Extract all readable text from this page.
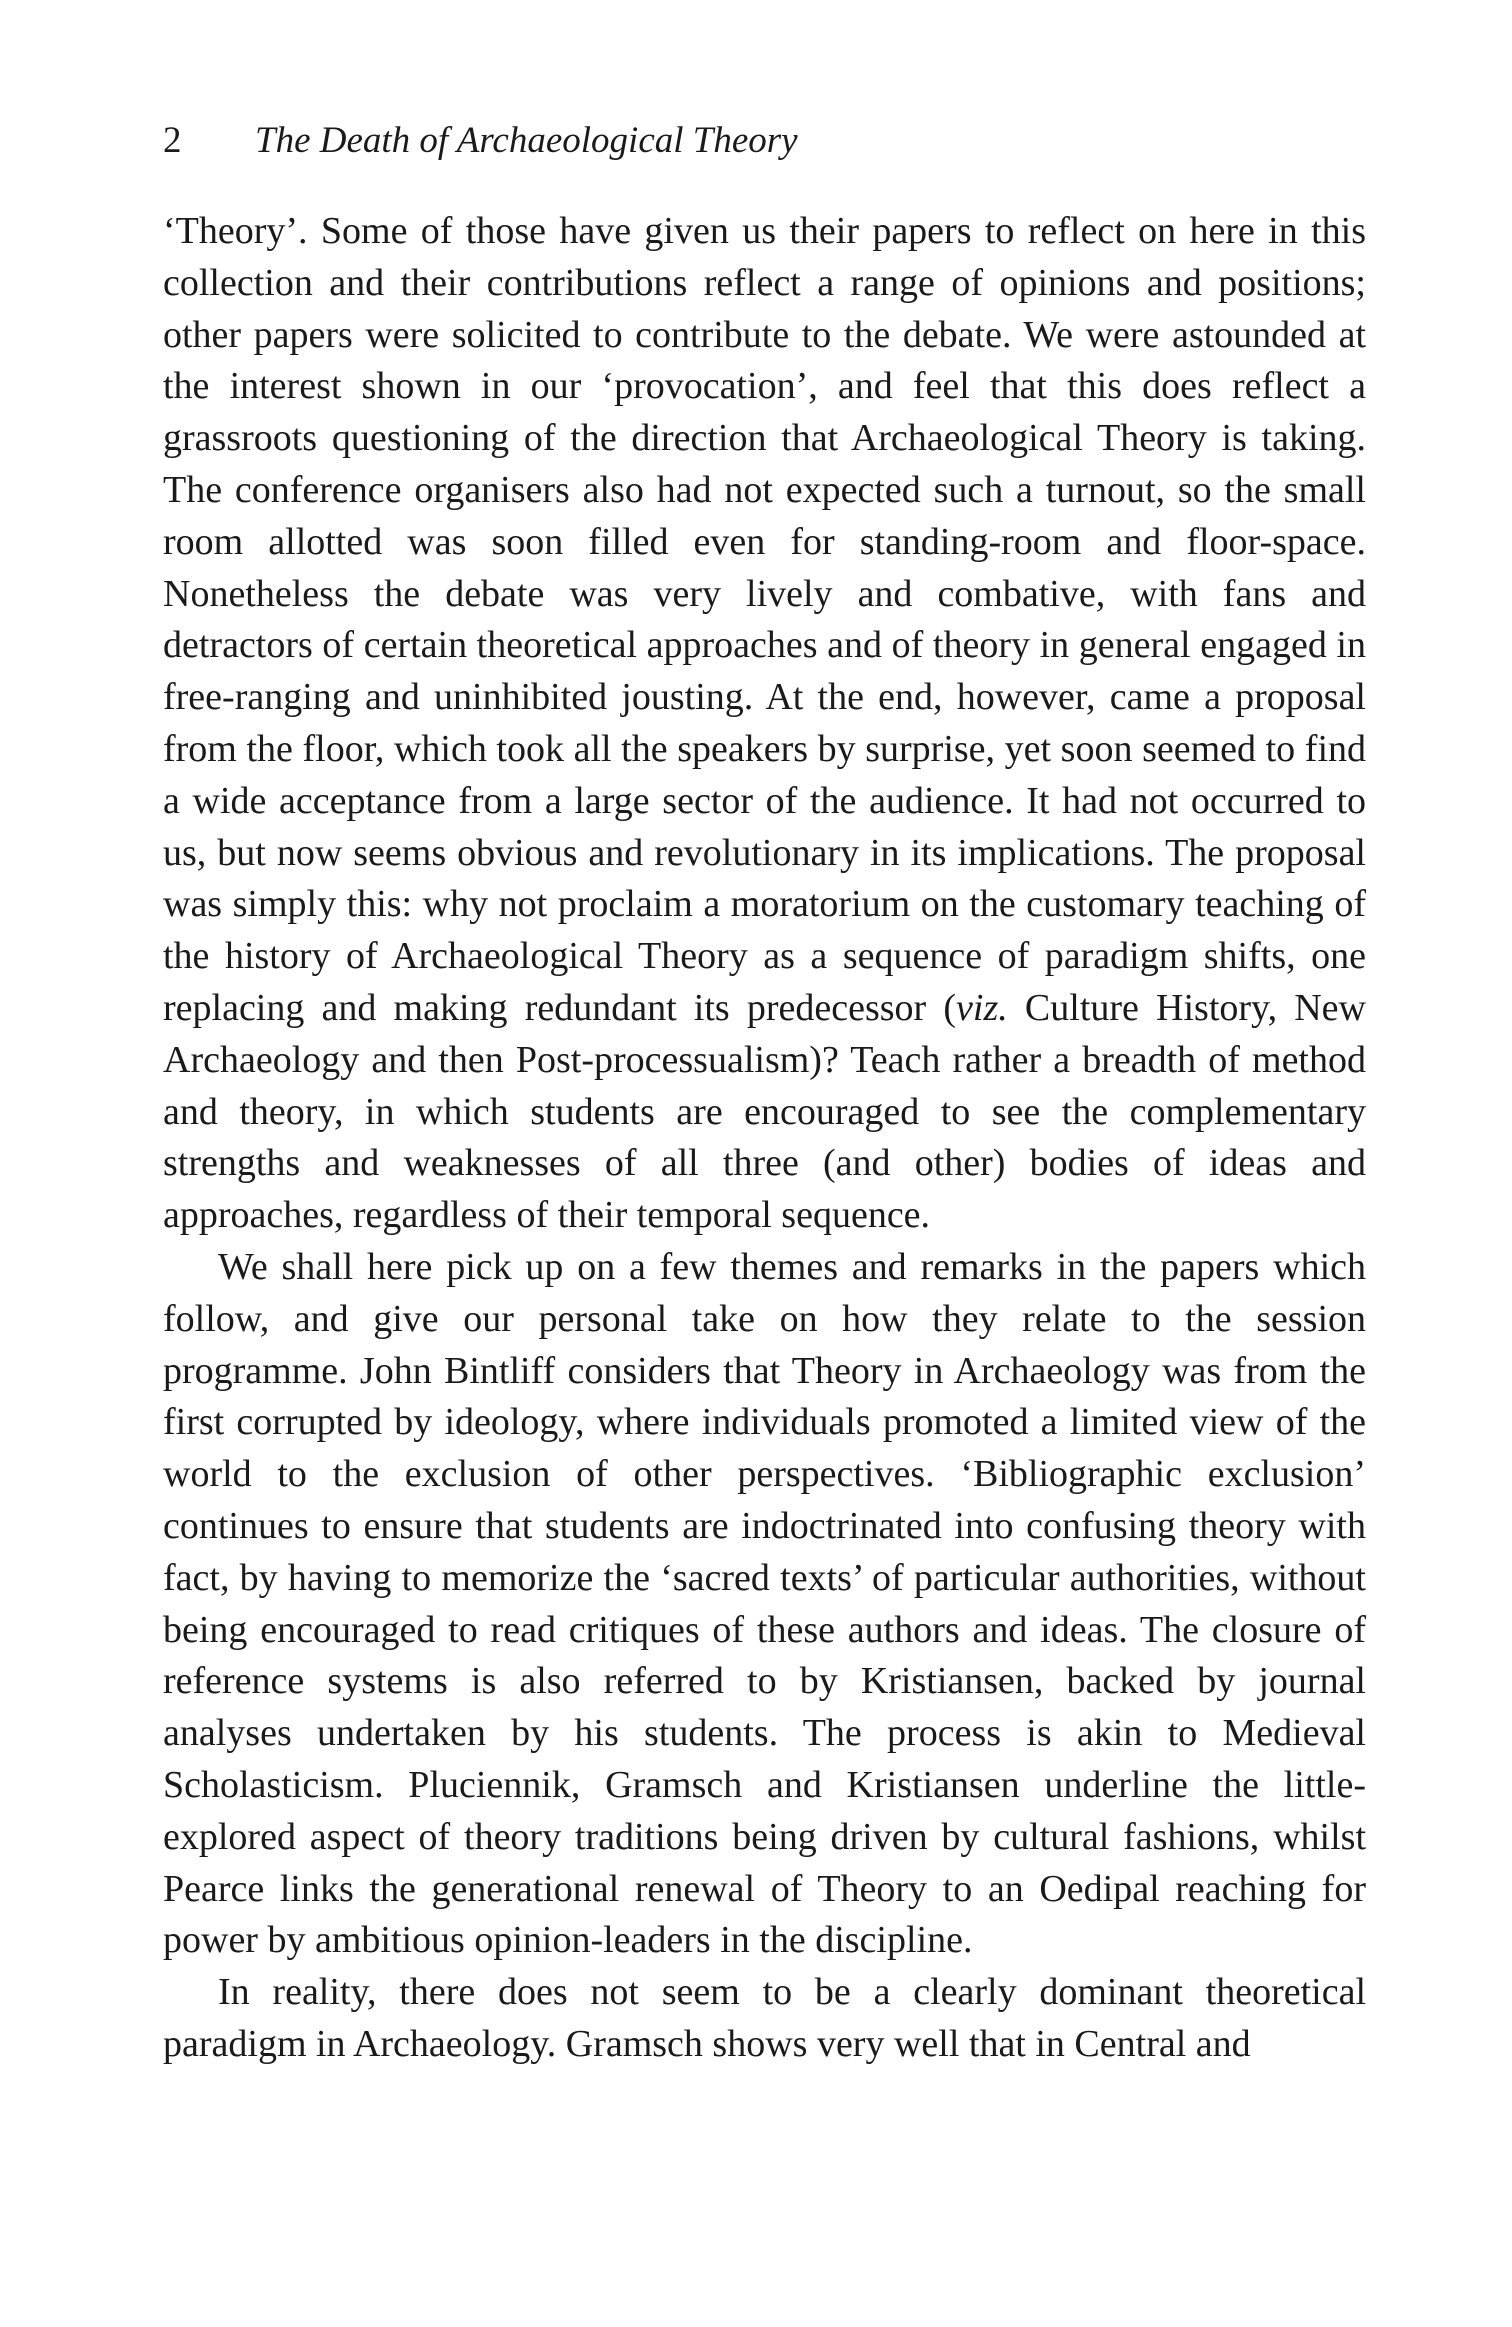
2 The Death of Archaeological Theory

‘Theory’. Some of those have given us their papers to reflect on here in this collection and their contributions reflect a range of opinions and positions; other papers were solicited to contribute to the debate. We were astounded at the interest shown in our ‘provocation’, and feel that this does reflect a grassroots questioning of the direction that Archaeological Theory is taking. The conference organisers also had not expected such a turnout, so the small room allotted was soon filled even for standing-room and floor-space. Nonetheless the debate was very lively and combative, with fans and detractors of certain theoretical approaches and of theory in general engaged in free-ranging and uninhibited jousting. At the end, however, came a proposal from the floor, which took all the speakers by surprise, yet soon seemed to find a wide acceptance from a large sector of the audience. It had not occurred to us, but now seems obvious and revolutionary in its implications. The proposal was simply this: why not proclaim a moratorium on the customary teaching of the history of Archaeological Theory as a sequence of paradigm shifts, one replacing and making redundant its predecessor (viz. Culture History, New Archaeology and then Post-processualism)? Teach rather a breadth of method and theory, in which students are encouraged to see the complementary strengths and weaknesses of all three (and other) bodies of ideas and approaches, regardless of their temporal sequence.

We shall here pick up on a few themes and remarks in the papers which follow, and give our personal take on how they relate to the session programme. John Bintliff considers that Theory in Archaeology was from the first corrupted by ideology, where individuals promoted a limited view of the world to the exclusion of other perspectives. ‘Bibliographic exclusion’ continues to ensure that students are indoctrinated into confusing theory with fact, by having to memorize the ‘sacred texts’ of particular authorities, without being encouraged to read critiques of these authors and ideas. The closure of reference systems is also referred to by Kristiansen, backed by journal analyses undertaken by his students. The process is akin to Medieval Scholasticism. Pluciennik, Gramsch and Kristiansen underline the little-explored aspect of theory traditions being driven by cultural fashions, whilst Pearce links the generational renewal of Theory to an Oedipal reaching for power by ambitious opinion-leaders in the discipline.

In reality, there does not seem to be a clearly dominant theoretical paradigm in Archaeology. Gramsch shows very well that in Central and
